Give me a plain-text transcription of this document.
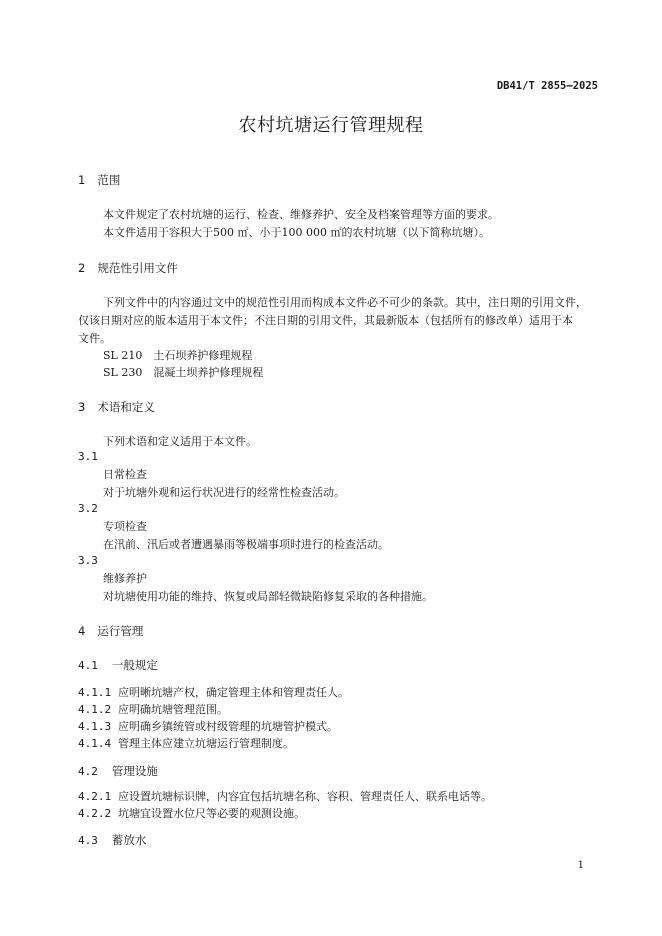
DB41/T 2855—2025
农村坑塘运行管理规程
1 范围
本文件规定了农村坑塘的运行、检查、维修养护、安全及档案管理等方面的要求。
本文件适用于容积大于500 ㎡、小于100 000 ㎡的农村坑塘（以下简称坑塘）。
2 规范性引用文件
下列文件中的内容通过文中的规范性引用而构成本文件必不可少的条款。其中，注日期的引用文件，
仅该日期对应的版本适用于本文件；不注日期的引用文件，其最新版本（包括所有的修改单）适用于本
文件。
SL 210　土石坝养护修理规程
SL 230　混凝土坝养护修理规程
3 术语和定义
下列术语和定义适用于本文件。
3.1
日常检查
对于坑塘外观和运行状况进行的经常性检查活动。
3.2
专项检查
在汛前、汛后或者遭遇暴雨等极端事项时进行的检查活动。
3.3
维修养护
对坑塘使用功能的维持、恢复或局部轻微缺陷修复采取的各种措施。
4 运行管理
4.1 一般规定
4.1.1 应明晰坑塘产权，确定管理主体和管理责任人。
4.1.2 应明确坑塘管理范围。
4.1.3 应明确乡镇统管或村级管理的坑塘管护模式。
4.1.4 管理主体应建立坑塘运行管理制度。
4.2 管理设施
4.2.1 应设置坑塘标识牌，内容宜包括坑塘名称、容积、管理责任人、联系电话等。
4.2.2 坑塘宜设置水位尺等必要的观测设施。
4.3 蓄放水
1
